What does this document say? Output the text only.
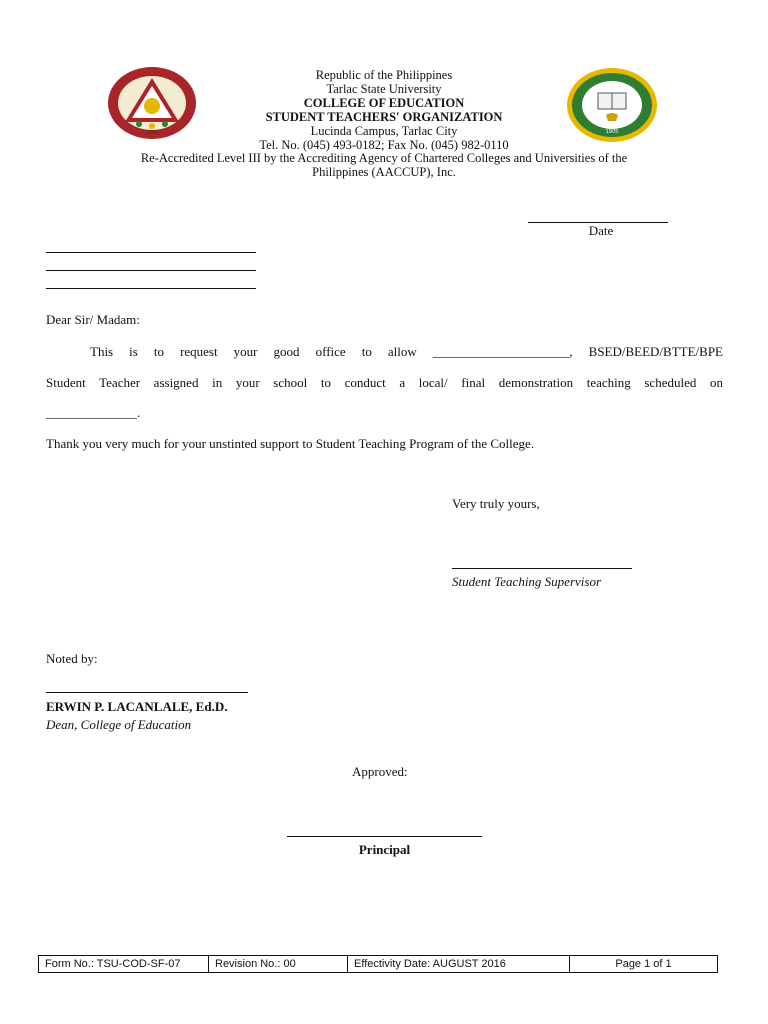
1906	1905
Republic of the Philippines
Tarlac State University
COLLEGE OF EDUCATION
STUDENT TEACHERS' ORGANIZATION
Lucinda Campus, Tarlac City
Tel. No. (045) 493-0182; Fax No. (045) 982-0110
Re-Accredited Level III by the Accrediting Agency of Chartered Colleges and Universities of the
Philippines (AACCUP), Inc.
Date
Dear Sir/ Madam:
This is to request your good office to allow _____________________, BSED/BEED/BTTE/BPE
Student Teacher assigned in your school to conduct a local/ final demonstration teaching scheduled on
______________.
Thank you very much for your unstinted support to Student Teaching Program of the College.
Very truly yours,
Student Teaching Supervisor
Noted by:
ERWIN P. LACANLALE, Ed.D.
Dean, College of Education
Approved:
Principal
Form No.: TSU-COD-SF-07	Revision No.: 00	Effectivity Date: AUGUST 2016	Page 1 of 1
